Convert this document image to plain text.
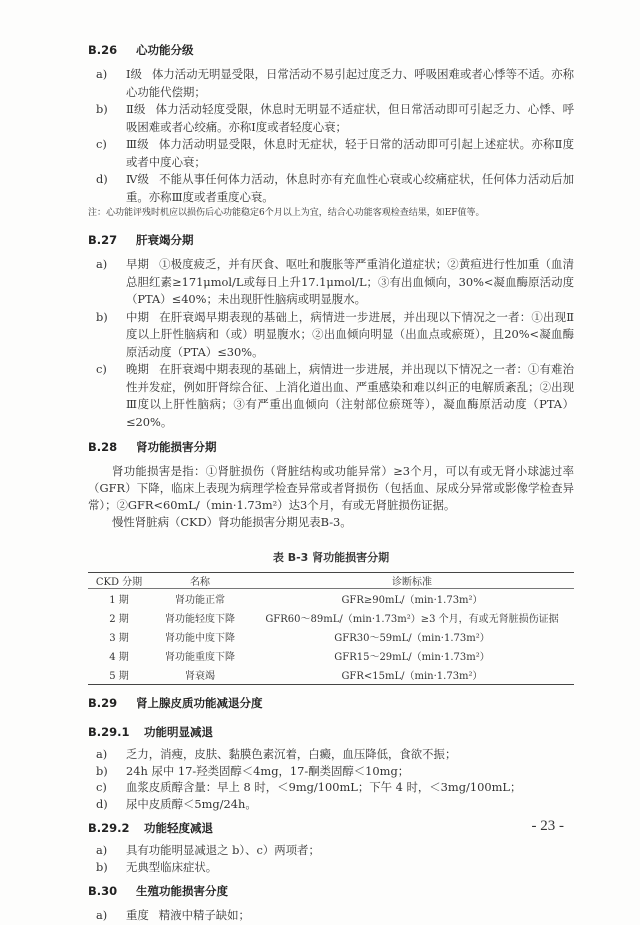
B.26 心功能分级

a)	Ⅰ级 体力活动无明显受限，日常活动不易引起过度乏力、呼吸困难或者心悸等不适。亦称心功能代偿期；
b)	Ⅱ级 体力活动轻度受限，休息时无明显不适症状，但日常活动即可引起乏力、心悸、呼吸困难或者心绞痛。亦称Ⅰ度或者轻度心衰；
c)	Ⅲ级 体力活动明显受限，休息时无症状，轻于日常的活动即可引起上述症状。亦称Ⅱ度或者中度心衰；
d)	Ⅳ级 不能从事任何体力活动，休息时亦有充血性心衰或心绞痛症状，任何体力活动后加重。亦称Ⅲ度或者重度心衰。

注：心功能评残时机应以损伤后心功能稳定6个月以上为宜，结合心功能客观检查结果，如EF值等。

B.27 肝衰竭分期

a)	早期 ①极度疲乏，并有厌食、呕吐和腹胀等严重消化道症状；②黄疸进行性加重（血清总胆红素≥171μmol/L或每日上升17.1μmol/L；③有出血倾向，30%<凝血酶原活动度（PTA）≤40%；未出现肝性脑病或明显腹水。
b)	中期 在肝衰竭早期表现的基础上，病情进一步进展，并出现以下情况之一者：①出现Ⅱ度以上肝性脑病和（或）明显腹水；②出血倾向明显（出血点或瘀斑），且20%<凝血酶原活动度（PTA）≤30%。
c)	晚期 在肝衰竭中期表现的基础上，病情进一步进展，并出现以下情况之一者：①有难治性并发症，例如肝肾综合征、上消化道出血、严重感染和难以纠正的电解质紊乱；②出现Ⅲ度以上肝性脑病；③有严重出血倾向（注射部位瘀斑等），凝血酶原活动度（PTA）≤20%。

B.28 肾功能损害分期

肾功能损害是指：①肾脏损伤（肾脏结构或功能异常）≥3个月，可以有或无肾小球滤过率（GFR）下降，临床上表现为病理学检查异常或者肾损伤（包括血、尿成分异常或影像学检查异常）；②GFR<60mL/（min·1.73m²）达3个月，有或无肾脏损伤证据。

慢性肾脏病（CKD）肾功能损害分期见表B-3。

表 B-3 肾功能损害分期
CKD 分期	名称	诊断标准
1 期	肾功能正常	GFR≥90mL/（min·1.73m²）
2 期	肾功能轻度下降	GFR60～89mL/（min·1.73m²）≥3 个月，有或无肾脏损伤证据
3 期	肾功能中度下降	GFR30～59mL/（min·1.73m²）
4 期	肾功能重度下降	GFR15～29mL/（min·1.73m²）
5 期	肾衰竭	GFR<15mL/（min·1.73m²）

B.29 肾上腺皮质功能减退分度

B.29.1 功能明显减退

a)	乏力，消瘦，皮肤、黏膜色素沉着，白癜，血压降低，食欲不振；
b)	24h 尿中 17-羟类固醇＜4mg，17-酮类固醇＜10mg；
c)	血浆皮质醇含量：早上 8 时，＜9mg/100mL；下午 4 时，＜3mg/100mL；
d)	尿中皮质醇＜5mg/24h。

B.29.2 功能轻度减退

a)	具有功能明显减退之 b）、c）两项者；
b)	无典型临床症状。

B.30 生殖功能损害分度

a)	重度 精液中精子缺如；
- 23 -
